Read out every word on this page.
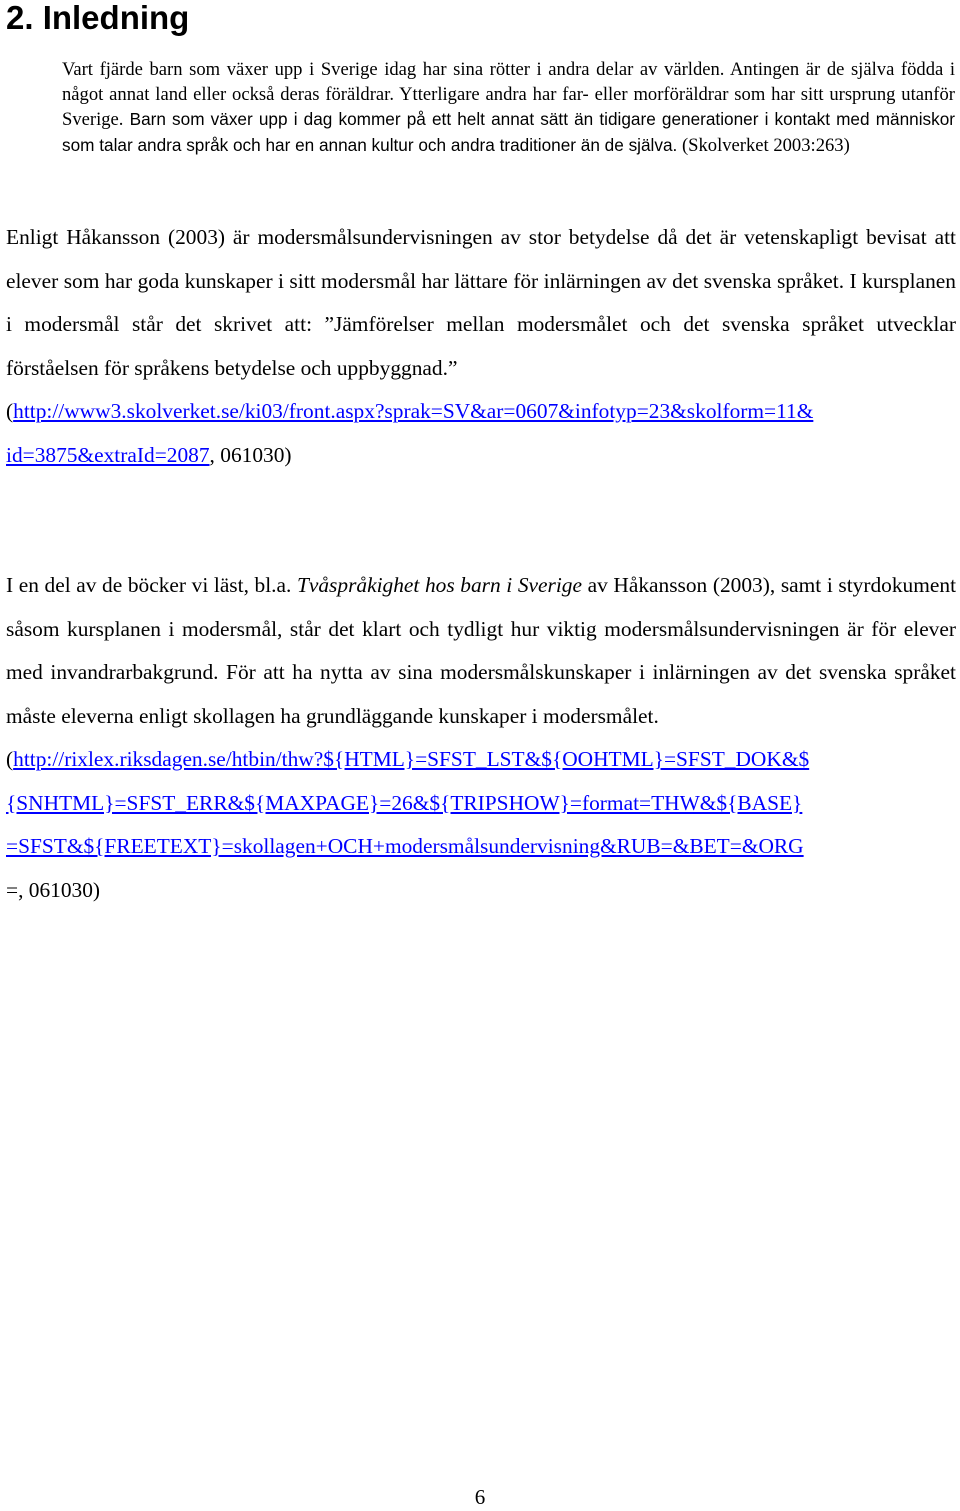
2. Inledning

Vart fjärde barn som växer upp i Sverige idag har sina rötter i andra delar av världen. Antingen är de själva födda i något annat land eller också deras föräldrar. Ytterligare andra har far- eller morföräldrar som har sitt ursprung utanför Sverige. Barn som växer upp i dag kommer på ett helt annat sätt än tidigare generationer i kontakt med människor som talar andra språk och har en annan kultur och andra traditioner än de själva. (Skolverket 2003:263)

Enligt Håkansson (2003) är modersmålsundervisningen av stor betydelse då det är vetenskapligt bevisat att elever som har goda kunskaper i sitt modersmål har lättare för inlärningen av det svenska språket. I kursplanen i modersmål står det skrivet att: ”Jämförelser mellan modersmålet och det svenska språket utvecklar förståelsen för språkens betydelse och uppbyggnad.”
(http://www3.skolverket.se/ki03/front.aspx?sprak=SV&ar=0607&infotyp=23&skolform=11&
id=3875&extraId=2087, 061030)

I en del av de böcker vi läst, bl.a. Tvåspråkighet hos barn i Sverige av Håkansson (2003), samt i styrdokument såsom kursplanen i modersmål, står det klart och tydligt hur viktig modersmålsundervisningen är för elever med invandrarbakgrund. För att ha nytta av sina modersmålskunskaper i inlärningen av det svenska språket måste eleverna enligt skollagen ha grundläggande kunskaper i modersmålet.
(http://rixlex.riksdagen.se/htbin/thw?${HTML}=SFST_LST&${OOHTML}=SFST_DOK&$
{SNHTML}=SFST_ERR&${MAXPAGE}=26&${TRIPSHOW}=format=THW&${BASE}
=SFST&${FREETEXT}=skollagen+OCH+modersmålsundervisning&RUB=&BET=&ORG
=, 061030)

6
